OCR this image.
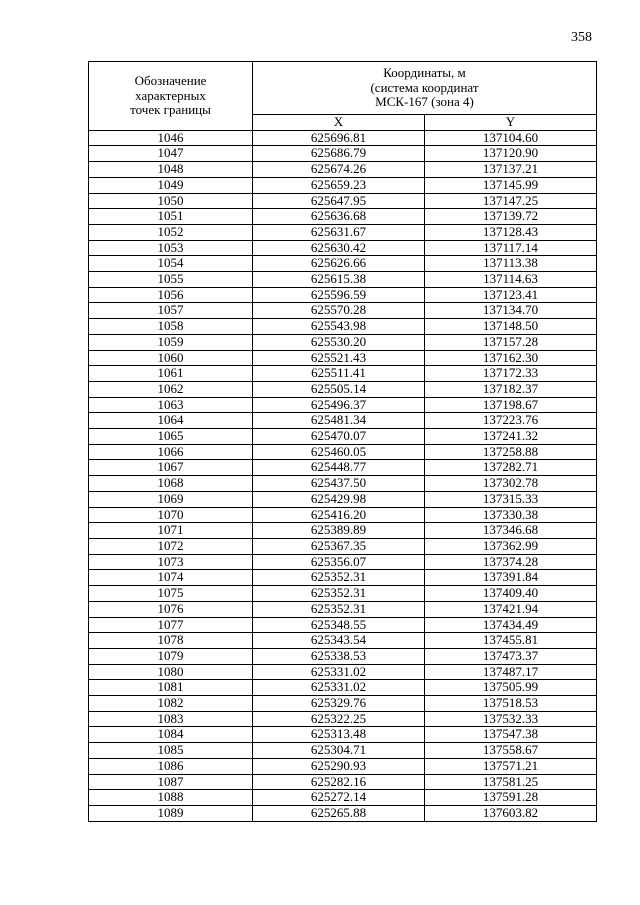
358
Обозначение
характерных
точек границы	Координаты, м
(система координат
МСК-167 (зона 4)	

	X	Y
1046	625696.81	137104.60
1047	625686.79	137120.90
1048	625674.26	137137.21
1049	625659.23	137145.99
1050	625647.95	137147.25
1051	625636.68	137139.72
1052	625631.67	137128.43
1053	625630.42	137117.14
1054	625626.66	137113.38
1055	625615.38	137114.63
1056	625596.59	137123.41
1057	625570.28	137134.70
1058	625543.98	137148.50
1059	625530.20	137157.28
1060	625521.43	137162.30
1061	625511.41	137172.33
1062	625505.14	137182.37
1063	625496.37	137198.67
1064	625481.34	137223.76
1065	625470.07	137241.32
1066	625460.05	137258.88
1067	625448.77	137282.71
1068	625437.50	137302.78
1069	625429.98	137315.33
1070	625416.20	137330.38
1071	625389.89	137346.68
1072	625367.35	137362.99
1073	625356.07	137374.28
1074	625352.31	137391.84
1075	625352.31	137409.40
1076	625352.31	137421.94
1077	625348.55	137434.49
1078	625343.54	137455.81
1079	625338.53	137473.37
1080	625331.02	137487.17
1081	625331.02	137505.99
1082	625329.76	137518.53
1083	625322.25	137532.33
1084	625313.48	137547.38
1085	625304.71	137558.67
1086	625290.93	137571.21
1087	625282.16	137581.25
1088	625272.14	137591.28
1089	625265.88	137603.82
